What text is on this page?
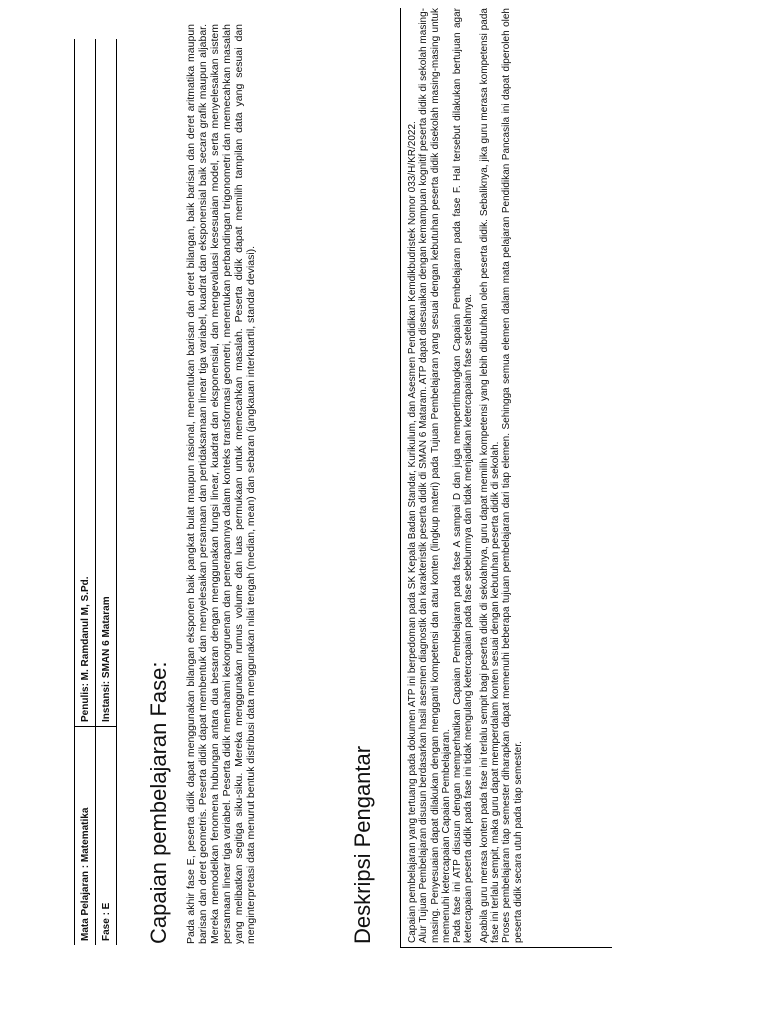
Mata Pelajaran : Matematika	Penulis: M. Ramdanul M, S.Pd.
Fase : E	Instansi: SMAN 6 Mataram
Capaian pembelajaran Fase: Pada akhir fase E, peserta didik dapat menggunakan bilangan eksponen baik pangkat bulat maupun rasional, menentukan barisan dan deret bilangan, baik barisan dan deret aritmatika maupun barisan dan deret geometris. Peserta didik dapat membentuk dan menyelesaikan persamaan dan pertidaksamaan linear tiga variabel, kuadrat dan eksponensial baik secara grafik maupun aljabar. Mereka memodelkan fenomena hubungan antara dua besaran dengan menggunakan fungsi linear, kuadrat dan eksponensial, dan mengevaluasi kesesuaian model, serta menyelesaikan sistem persamaan linear tiga variabel. Peserta didik memahami kekongruenan dan penerapannya dalam konteks transformasi geometri, menentukan perbandingan trigonometri dan memecahkan masalah yang melibatkan segitiga siku-siku. Mereka menggunakan rumus volume dan luas permukaan untuk memecahkan masalah. Peserta didik dapat memilih tampilan data yang sesuai dan menginterpretasi data menurut bentuk distribusi data menggunakan nilai tengah (median, mean) dan sebaran (jangkauan interkuartil, standar deviasi).	Deskripsi Pengantar	Capaian pembelajaran yang tertuang pada dokumen ATP ini berpedoman pada SK Kepala Badan Standar, Kurikulum, dan Asesmen Pendidikan Kemdikbudristek Nomor 033/H/KR/2022. Alur Tujuan Pembelajaran disusun berdasarkan hasil asesmen diagnostik dan karakteristik peserta didik di SMAN 6 Mataram. ATP dapat disesuaikan dengan kemampuan kognitif peserta didik di sekolah masing-masing. Penyesuaian dapat dilakukan dengan mengganti kompetensi dan atau konten (lingkup materi) pada Tujuan Pembelajaran yang sesuai dengan kebutuhan peserta didik disekolah masing-masing untuk memenuhi ketercapaian Capaian Pembelajaran. Pada fase ini ATP disusun dengan memperhatikan Capaian Pembelajaran pada fase A sampai D dan juga mempertimbangkan Capaian Pembelajaran pada fase F. Hal tersebut dilakukan bertujuan agar ketercapaian peserta didik pada fase ini tidak mengulang ketercapaian pada fase sebelumnya dan tidak menjadikan ketercapaian fase setelahnya. Apabila guru merasa konten pada fase ini terlalu sempit bagi peserta didik di sekolahnya, guru dapat memilih kompetensi yang lebih dibutuhkan oleh peserta didik. Sebaliknya, jika guru merasa kompetensi pada fase ini terlalu sempit, maka guru dapat memperdalam konten sesuai dengan kebutuhan peserta didik di sekolah. Proses pembelajaran tiap semester diharapkan dapat memenuhi beberapa tujuan pembelajaran dari tiap elemen. Sehingga semua elemen dalam mata pelajaran Pendidikan Pancasila ini dapat diperoleh oleh peserta didik secara utuh pada tiap semester.
